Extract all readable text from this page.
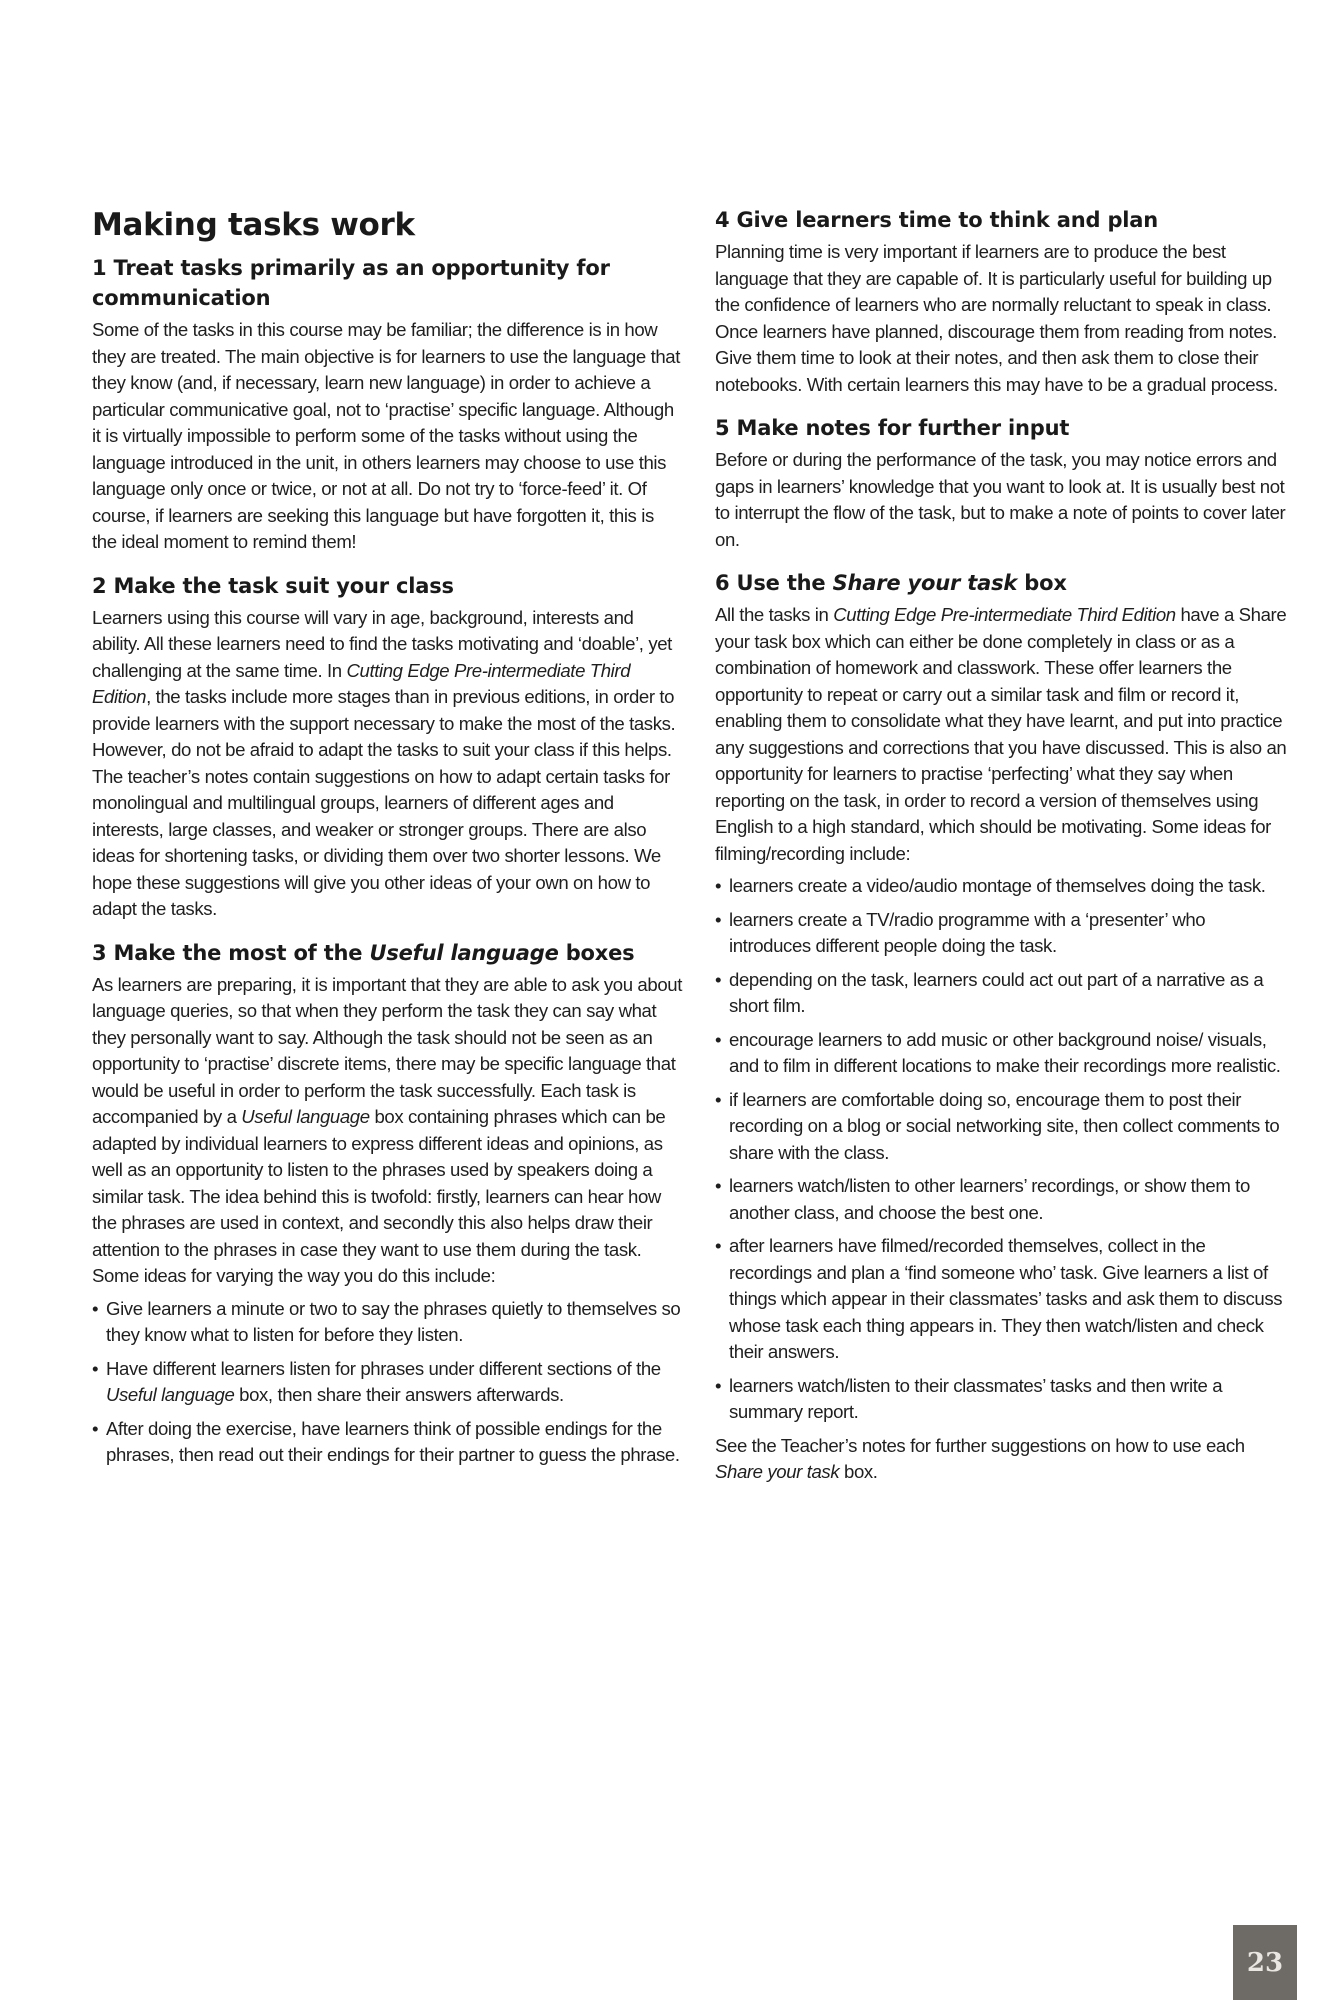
Making tasks work
1 Treat tasks primarily as an opportunity for communication

Some of the tasks in this course may be familiar; the difference is in how they are treated. The main objective is for learners to use the language that they know (and, if necessary, learn new language) in order to achieve a particular communicative goal, not to ‘practise’ specific language. Although it is virtually impossible to perform some of the tasks without using the language introduced in the unit, in others learners may choose to use this language only once or twice, or not at all. Do not try to ‘force-feed’ it. Of course, if learners are seeking this language but have forgotten it, this is the ideal moment to remind them!

2 Make the task suit your class

Learners using this course will vary in age, background, interests and ability. All these learners need to find the tasks motivating and ‘doable’, yet challenging at the same time. In Cutting Edge Pre-intermediate Third Edition, the tasks include more stages than in previous editions, in order to provide learners with the support necessary to make the most of the tasks. However, do not be afraid to adapt the tasks to suit your class if this helps. The teacher’s notes contain suggestions on how to adapt certain tasks for monolingual and multilingual groups, learners of different ages and interests, large classes, and weaker or stronger groups. There are also ideas for shortening tasks, or dividing them over two shorter lessons. We hope these suggestions will give you other ideas of your own on how to adapt the tasks.

3 Make the most of the Useful language boxes

As learners are preparing, it is important that they are able to ask you about language queries, so that when they perform the task they can say what they personally want to say. Although the task should not be seen as an opportunity to ‘practise’ discrete items, there may be specific language that would be useful in order to perform the task successfully. Each task is accompanied by a Useful language box containing phrases which can be adapted by individual learners to express different ideas and opinions, as well as an opportunity to listen to the phrases used by speakers doing a similar task. The idea behind this is twofold: firstly, learners can hear how the phrases are used in context, and secondly this also helps draw their attention to the phrases in case they want to use them during the task. Some ideas for varying the way you do this include:

• Give learners a minute or two to say the phrases quietly to themselves so they know what to listen for before they listen.
• Have different learners listen for phrases under different sections of the Useful language box, then share their answers afterwards.
• After doing the exercise, have learners think of possible endings for the phrases, then read out their endings for their partner to guess the phrase.
4 Give learners time to think and plan

Planning time is very important if learners are to produce the best language that they are capable of. It is particularly useful for building up the confidence of learners who are normally reluctant to speak in class. Once learners have planned, discourage them from reading from notes. Give them time to look at their notes, and then ask them to close their notebooks. With certain learners this may have to be a gradual process.

5 Make notes for further input

Before or during the performance of the task, you may notice errors and gaps in learners’ knowledge that you want to look at. It is usually best not to interrupt the flow of the task, but to make a note of points to cover later on.

6 Use the Share your task box

All the tasks in Cutting Edge Pre-intermediate Third Edition have a Share your task box which can either be done completely in class or as a combination of homework and classwork. These offer learners the opportunity to repeat or carry out a similar task and film or record it, enabling them to consolidate what they have learnt, and put into practice any suggestions and corrections that you have discussed. This is also an opportunity for learners to practise ‘perfecting’ what they say when reporting on the task, in order to record a version of themselves using English to a high standard, which should be motivating. Some ideas for filming/recording include:

• learners create a video/audio montage of themselves doing the task.
• learners create a TV/radio programme with a ‘presenter’ who introduces different people doing the task.
• depending on the task, learners could act out part of a narrative as a short film.
• encourage learners to add music or other background noise/ visuals, and to film in different locations to make their recordings more realistic.
• if learners are comfortable doing so, encourage them to post their recording on a blog or social networking site, then collect comments to share with the class.
• learners watch/listen to other learners’ recordings, or show them to another class, and choose the best one.
• after learners have filmed/recorded themselves, collect in the recordings and plan a ‘find someone who’ task. Give learners a list of things which appear in their classmates’ tasks and ask them to discuss whose task each thing appears in. They then watch/listen and check their answers.
• learners watch/listen to their classmates’ tasks and then write a summary report.

See the Teacher’s notes for further suggestions on how to use each Share your task box.

23
